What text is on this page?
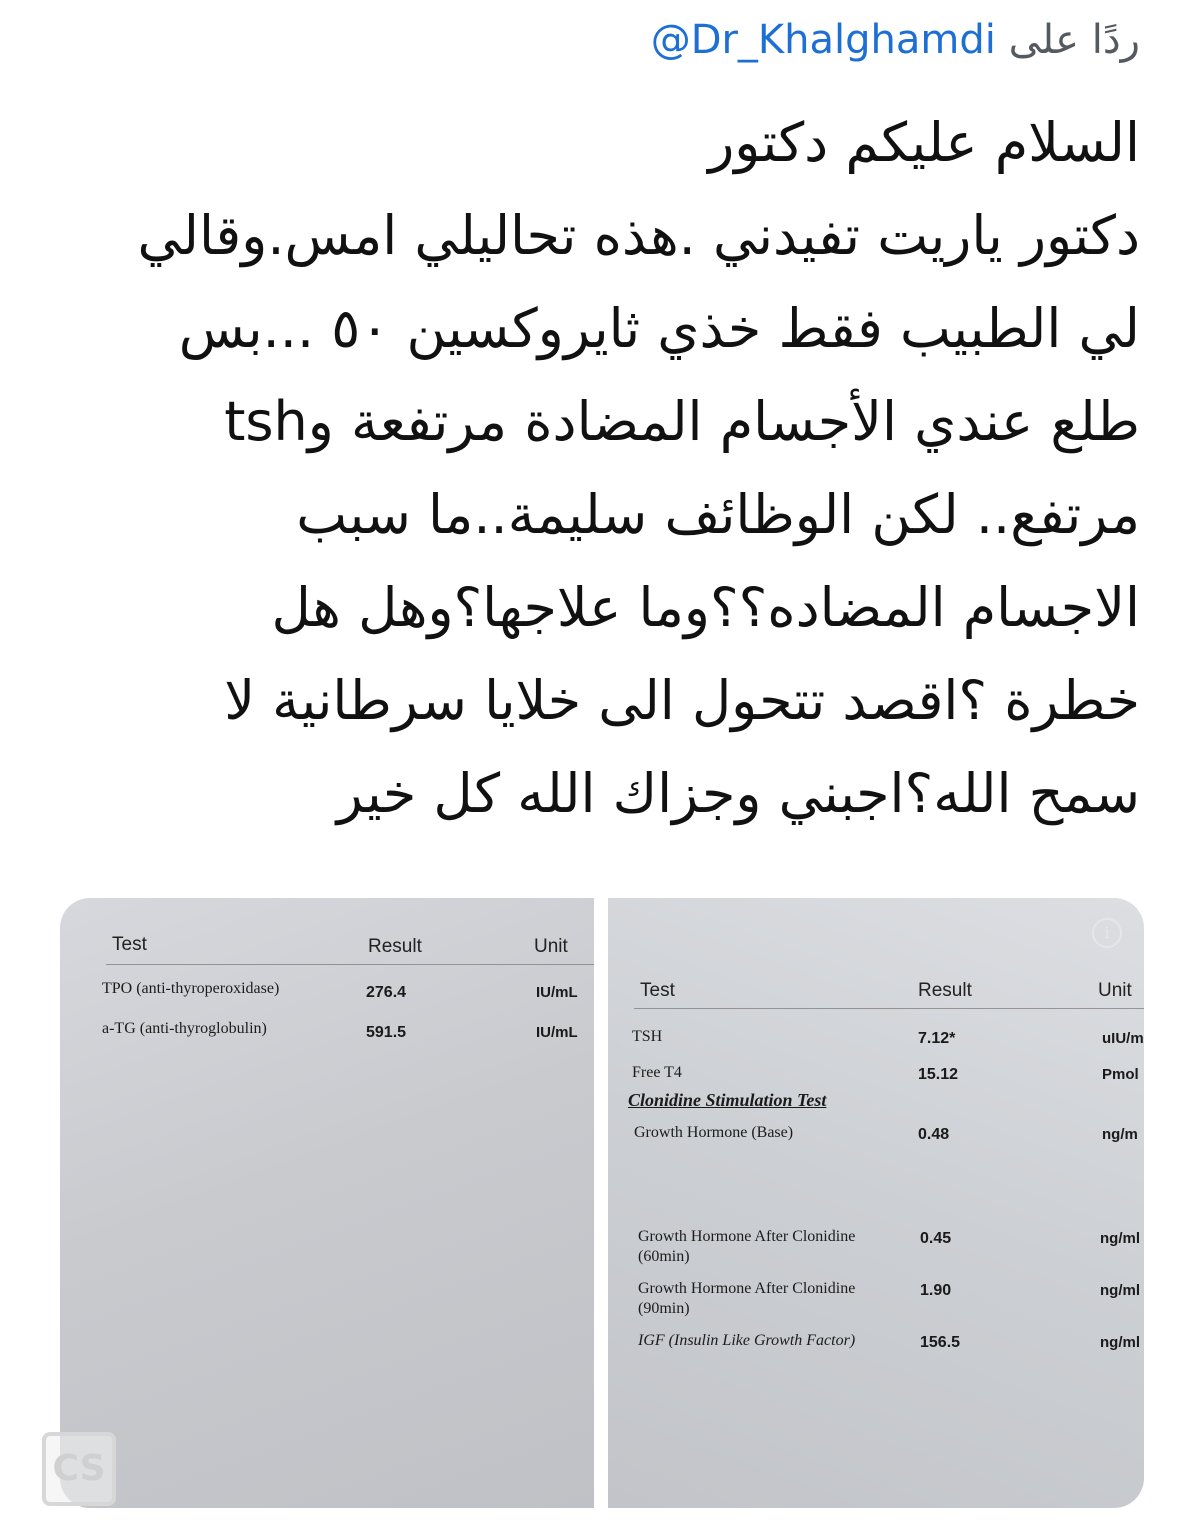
ردًا على @Dr_Khalghamdi
السلام عليكم دكتور
دكتور ياريت تفيدني .هذه تحاليلي امس.وقالي
لي الطبيب فقط خذي ثايروكسين ٥٠ ...بس
طلع عندي الأجسام المضادة مرتفعة وtsh
مرتفع.. لكن الوظائف سليمة..ما سبب
الاجسام المضاده؟؟وما علاجها؟وهل هل
خطرة ؟اقصد تتحول الى خلايا سرطانية لا
سمح الله؟اجبني وجزاك الله كل خير
Test	Result	Unit
TPO (anti-thyroperoxidase)	276.4	IU/mL
a-TG (anti-thyroglobulin)	591.5	IU/mL
i
Test	Result	Unit
TSH	7.12*	uIU/m
Free T4	15.12	Pmol
Clonidine Stimulation Test
Growth Hormone (Base)	0.48	ng/m
Growth Hormone After Clonidine
(60min)
0.45	ng/ml
Growth Hormone After Clonidine
(90min)
1.90	ng/ml
IGF (Insulin Like Growth Factor)	156.5	ng/ml
CS
